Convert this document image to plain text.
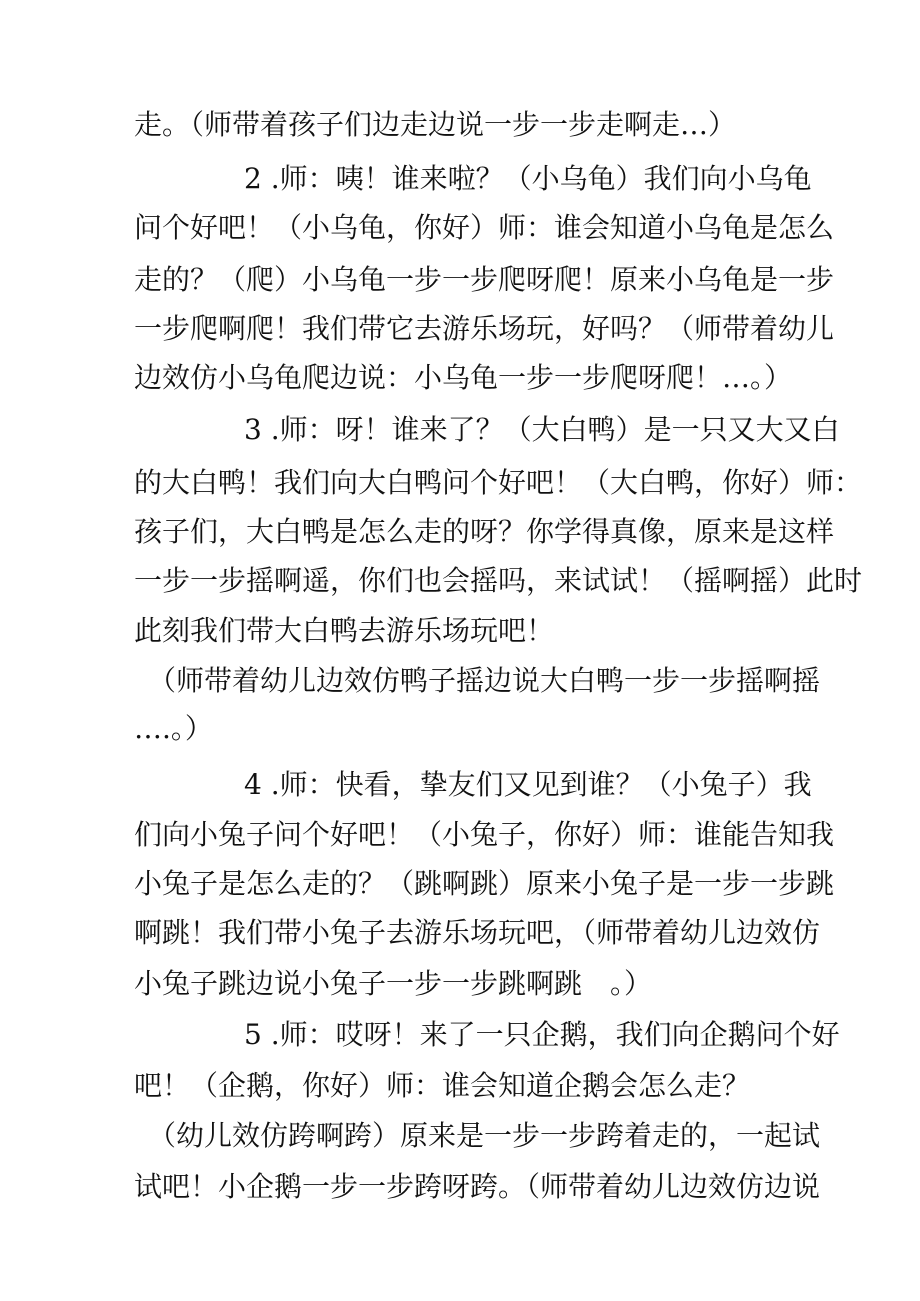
走。（师带着孩子们边走边说一步一步走啊走…）
2 .师：咦！谁来啦？（小乌龟）我们向小乌龟
问个好吧！（小乌龟，你好）师：谁会知道小乌龟是怎么
走的？（爬）小乌龟一步一步爬呀爬！原来小乌龟是一步
一步爬啊爬！我们带它去游乐场玩，好吗？（师带着幼儿
边效仿小乌龟爬边说：小乌龟一步一步爬呀爬！…。）
3 .师：呀！谁来了？（大白鸭）是一只又大又白
的大白鸭！我们向大白鸭问个好吧！（大白鸭，你好）师：
孩子们，大白鸭是怎么走的呀？你学得真像，原来是这样
一步一步摇啊遥，你们也会摇吗，来试试！（摇啊摇）此时
此刻我们带大白鸭去游乐场玩吧！
（师带着幼儿边效仿鸭子摇边说大白鸭一步一步摇啊摇
….。）
4 .师：快看，挚友们又见到谁？（小兔子）我
们向小兔子问个好吧！（小兔子，你好）师：谁能告知我
小兔子是怎么走的？（跳啊跳）原来小兔子是一步一步跳
啊跳！我们带小兔子去游乐场玩吧，（师带着幼儿边效仿
小兔子跳边说小兔子一步一步跳啊跳　。）
5 .师：哎呀！来了一只企鹅，我们向企鹅问个好
吧！（企鹅，你好）师：谁会知道企鹅会怎么走？
（幼儿效仿跨啊跨）原来是一步一步跨着走的，一起试
试吧！小企鹅一步一步跨呀跨。（师带着幼儿边效仿边说
